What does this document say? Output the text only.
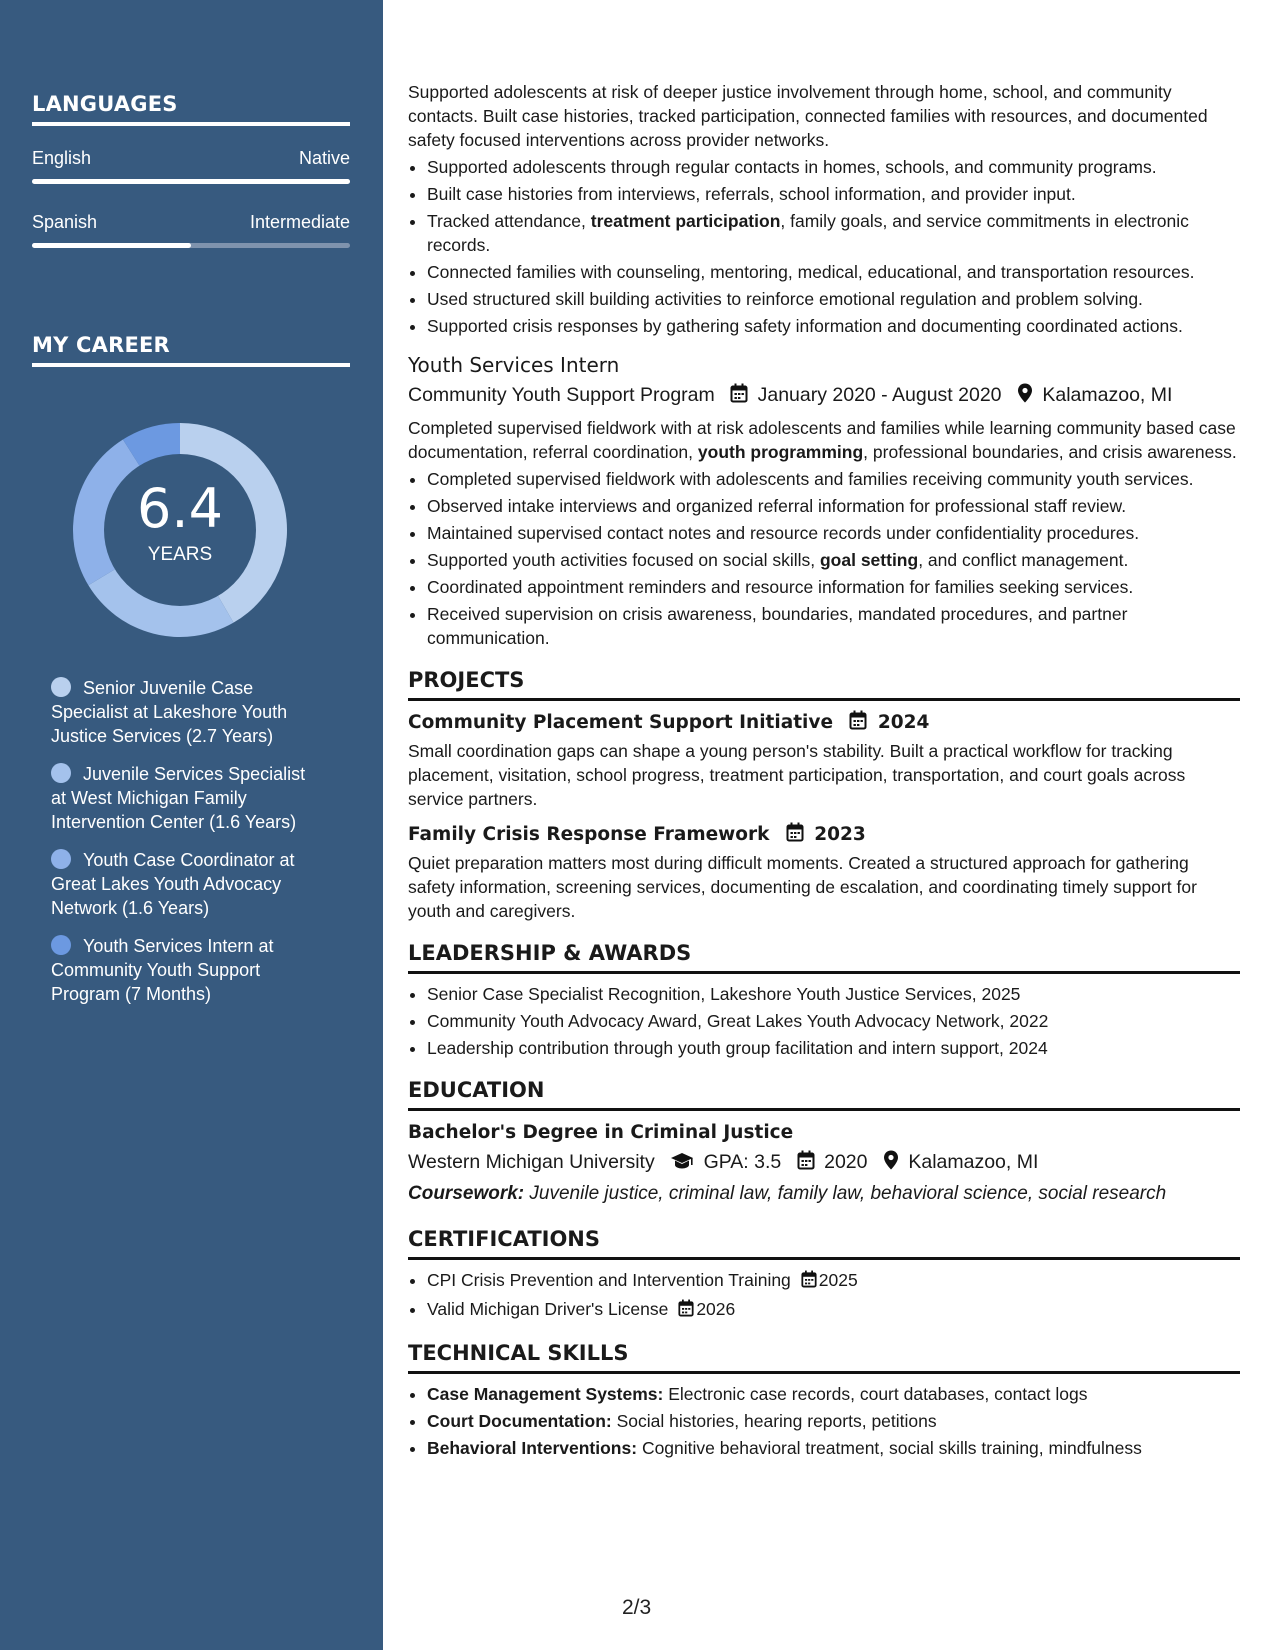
LANGUAGES
English	Native
Spanish	Intermediate
MY CAREER
6.4
YEARS
Senior Juvenile Case Specialist at Lakeshore Youth Justice Services (2.7 Years)
Juvenile Services Specialist at West Michigan Family Intervention Center (1.6 Years)
Youth Case Coordinator at Great Lakes Youth Advocacy Network (1.6 Years)
Youth Services Intern at Community Youth Support Program (7 Months)

Supported adolescents at risk of deeper justice involvement through home, school, and community contacts. Built case histories, tracked participation, connected families with resources, and documented safety focused interventions across provider networks.

• Supported adolescents through regular contacts in homes, schools, and community programs.
• Built case histories from interviews, referrals, school information, and provider input.
• Tracked attendance, treatment participation, family goals, and service commitments in electronic records.
• Connected families with counseling, mentoring, medical, educational, and transportation resources.
• Used structured skill building activities to reinforce emotional regulation and problem solving.
• Supported crisis responses by gathering safety information and documenting coordinated actions.
Youth Services Intern
Community Youth Support Program January 2020 - August 2020 Kalamazoo, MI

Completed supervised fieldwork with at risk adolescents and families while learning community based case documentation, referral coordination, youth programming, professional boundaries, and crisis awareness.

• Completed supervised fieldwork with adolescents and families receiving community youth services.
• Observed intake interviews and organized referral information for professional staff review.
• Maintained supervised contact notes and resource records under confidentiality procedures.
• Supported youth activities focused on social skills, goal setting, and conflict management.
• Coordinated appointment reminders and resource information for families seeking services.
• Received supervision on crisis awareness, boundaries, mandated procedures, and partner communication.
PROJECTS
Community Placement Support Initiative 2024

Small coordination gaps can shape a young person's stability. Built a practical workflow for tracking placement, visitation, school progress, treatment participation, transportation, and court goals across service partners.

Family Crisis Response Framework 2023

Quiet preparation matters most during difficult moments. Created a structured approach for gathering safety information, screening services, documenting de escalation, and coordinating timely support for youth and caregivers.

LEADERSHIP & AWARDS
• Senior Case Specialist Recognition, Lakeshore Youth Justice Services, 2025
• Community Youth Advocacy Award, Great Lakes Youth Advocacy Network, 2022
• Leadership contribution through youth group facilitation and intern support, 2024
EDUCATION
Bachelor's Degree in Criminal Justice
Western Michigan University	GPA: 3.5 2020 Kalamazoo, MI
Coursework: Juvenile justice, criminal law, family law, behavioral science, social research
CERTIFICATIONS
• CPI Crisis Prevention and Intervention Training 2025
• Valid Michigan Driver's License 2026
TECHNICAL SKILLS
• Case Management Systems: Electronic case records, court databases, contact logs
• Court Documentation: Social histories, hearing reports, petitions
• Behavioral Interventions: Cognitive behavioral treatment, social skills training, mindfulness
2/3
